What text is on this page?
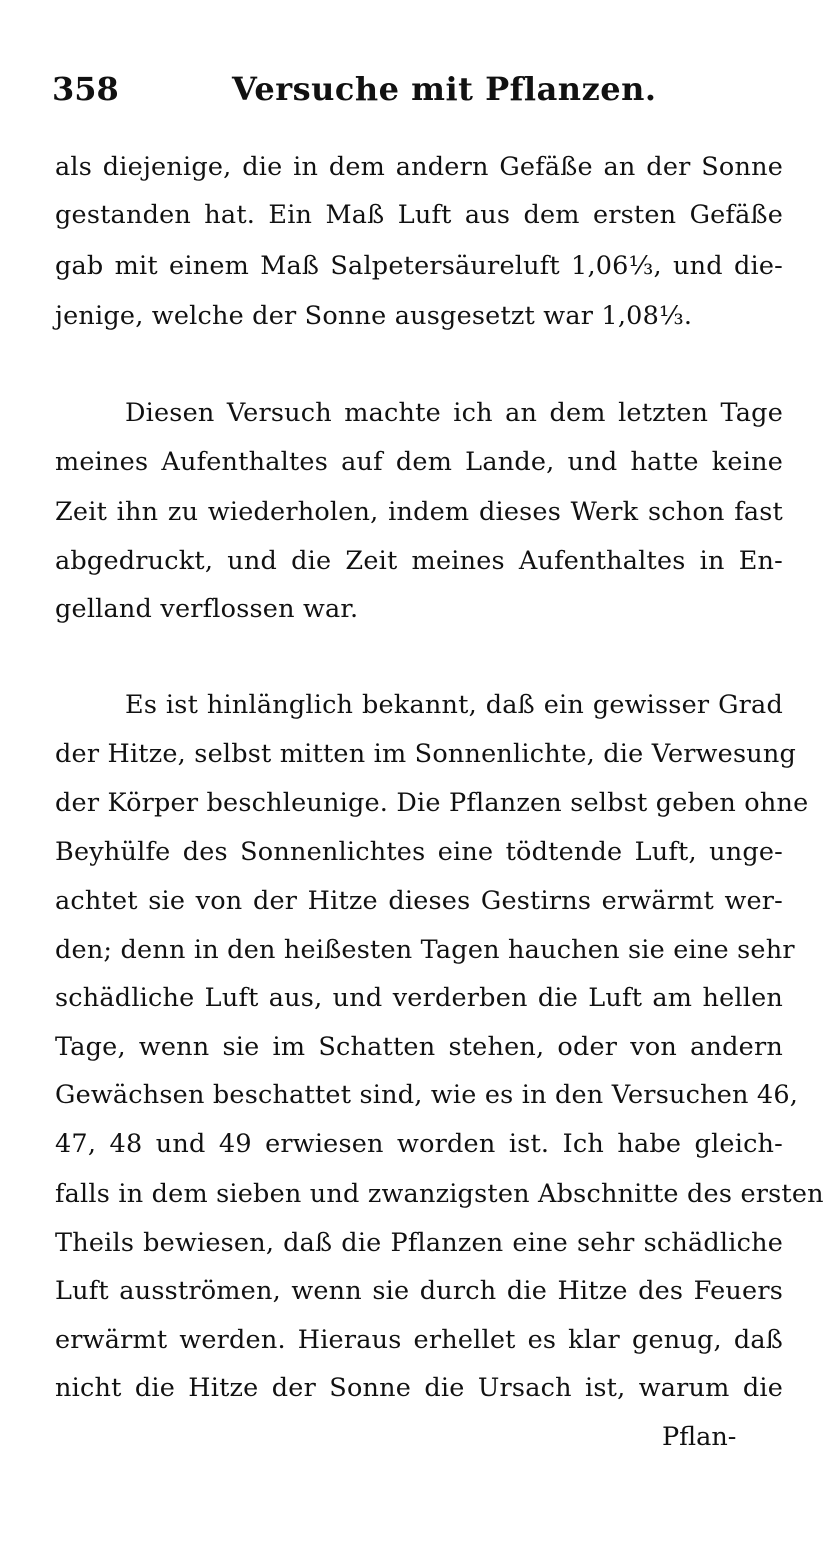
358	Versuche mit Pflanzen.
als diejenige, die in dem andern Gefäße an der Sonne
gestanden hat. Ein Maß Luft aus dem ersten Gefäße
gab mit einem Maß Salpetersäureluft 1,06⅓, und die-
jenige, welche der Sonne ausgesetzt war 1,08⅓.
Diesen Versuch machte ich an dem letzten Tage
meines Aufenthaltes auf dem Lande, und hatte keine
Zeit ihn zu wiederholen, indem dieses Werk schon fast
abgedruckt, und die Zeit meines Aufenthaltes in En-
gelland verflossen war.
Es ist hinlänglich bekannt, daß ein gewisser Grad
der Hitze, selbst mitten im Sonnenlichte, die Verwesung
der Körper beschleunige. Die Pflanzen selbst geben ohne
Beyhülfe des Sonnenlichtes eine tödtende Luft, unge-
achtet sie von der Hitze dieses Gestirns erwärmt wer-
den; denn in den heißesten Tagen hauchen sie eine sehr
schädliche Luft aus, und verderben die Luft am hellen
Tage, wenn sie im Schatten stehen, oder von andern
Gewächsen beschattet sind, wie es in den Versuchen 46,
47, 48 und 49 erwiesen worden ist. Ich habe gleich-
falls in dem sieben und zwanzigsten Abschnitte des ersten
Theils bewiesen, daß die Pflanzen eine sehr schädliche
Luft ausströmen, wenn sie durch die Hitze des Feuers
erwärmt werden. Hieraus erhellet es klar genug, daß
nicht die Hitze der Sonne die Ursach ist, warum die
Pflan-
